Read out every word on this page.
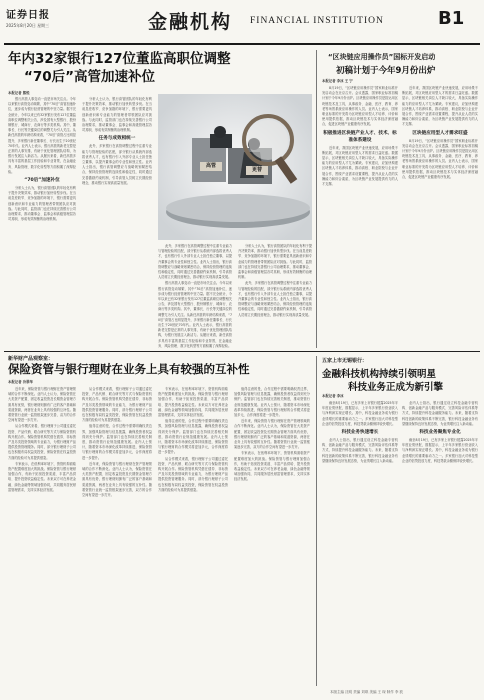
证券日报
2025年8月20日 星期三	金融机构 FINANCIAL INSTITUTION	B1
年内32家银行127位董监高职位调整
“70后”高管加速补位
本报记者 熊悦

银行高管人事变动一直是市场关注点。今年以来银行高管变动频繁，其中“70后”高管加速补位，逐步成为银行经营管理的中坚力量。据不完全统计，今年以来已有32家银行发布127位董监高职位调整相关公告，涉及国有大型银行、股份制银行、城商行、农商行等多类机构。其中，董事长、行长等关键岗位的调整尤为引人关注。从新任高管的年龄结构来看，“70后”高管占比明显提升，多家银行新任董事长、行长出生于20世纪70年代。业内人士表示，银行高管的新老交替是正常的人事安排，有助于优化管理团队结构，为银行发展注入新活力。从履历来看，新任高管多具有丰富的基层工作经验和专业背景，在金融业务、风险管理、数字化转型等方面积累了深厚经验。

“70后”加速补位

分析人士认为，银行高管团队的年轻化有利于提升决策效率，推动银行加快转型步伐。在当前息差收窄、竞争加剧的环境下，银行需要更具创新意识和专业能力的管理者带领团队应对挑战。与此同时，监管部门也在持续完善银行公司治理要求，推动董事会、监事会和高级管理层各司其职，形成有效制衡的治理机制。

分析人士认为，银行高管团队的年轻化有利于提升决策效率，推动银行加快转型步伐。在当前息差收窄、竞争加剧的环境下，银行需要更具创新意识和专业能力的管理者带领团队应对挑战。与此同时，监管部门也在持续完善银行公司治理要求，推动董事会、监事会和高级管理层各司其职，形成有效制衡的治理机制。

任务与成效相统一

此外，多家银行在高管调整过程中注重专业能力与管理经验的匹配，部分银行从系统内部选拔优秀人才，也有银行引入外部专业人士担任独立董事，以提升董事会的专业性和独立性。业内人士指出，银行高管调整应与战略规划紧密结合，保持经营管理的连续性和稳定性，同时通过完善激励约束机制，引导高管人员树立长期经营理念，推动银行实现高质量发展。

高管
更替

此外，多家银行在高管调整过程中注重专业能力与管理经验的匹配，部分银行从系统内部选拔优秀人才，也有银行引入外部专业人士担任独立董事，以提升董事会的专业性和独立性。业内人士指出，银行高管调整应与战略规划紧密结合，保持经营管理的连续性和稳定性，同时通过完善激励约束机制，引导高管人员树立长期经营理念，推动银行实现高质量发展。

银行高管人事变动一直是市场关注点。今年以来银行高管变动频繁，其中“70后”高管加速补位，逐步成为银行经营管理的中坚力量。据不完全统计，今年以来已有32家银行发布127位董监高职位调整相关公告，涉及国有大型银行、股份制银行、城商行、农商行等多类机构。其中，董事长、行长等关键岗位的调整尤为引人关注。从新任高管的年龄结构来看，“70后”高管占比明显提升，多家银行新任董事长、行长出生于20世纪70年代。业内人士表示，银行高管的新老交替是正常的人事安排，有助于优化管理团队结构，为银行发展注入新活力。从履历来看，新任高管多具有丰富的基层工作经验和专业背景，在金融业务、风险管理、数字化转型等方面积累了深厚经验。

分析人士认为，银行高管团队的年轻化有利于提升决策效率，推动银行加快转型步伐。在当前息差收窄、竞争加剧的环境下，银行需要更具创新意识和专业能力的管理者带领团队应对挑战。与此同时，监管部门也在持续完善银行公司治理要求，推动董事会、监事会和高级管理层各司其职，形成有效制衡的治理机制。

此外，多家银行在高管调整过程中注重专业能力与管理经验的匹配，部分银行从系统内部选拔优秀人才，也有银行引入外部专业人士担任独立董事，以提升董事会的专业性和独立性。业内人士指出，银行高管调整应与战略规划紧密结合，保持经营管理的连续性和稳定性，同时通过完善激励约束机制，引导高管人员树立长期经营理念，推动银行实现高质量发展。

“区块链应用操作员”国标开发启动
初稿计划于今年9月份出炉
本报记者 李冰 王 宁

8月19日，“区块链应用操作员”国家职业标准开发启动会在北京召开。会议透露，国家职业标准初稿计划于今年9月份出炉。区块链应用操作员是指运用区块链技术及工具，从事政务、金融、医疗、教育、养老等场景系统应用操作的人员。业内人士表示，国家职业标准的开发将为区块链应用型人才培养、评价和使用提供依据，推动区块链技术与实体经济深度融合，促进区块链产业健康有序发展。

积极推进区块链产业人才、技术、标准体系建设

近年来，我国区块链产业快速发展，应用场景不断拓展，对区块链应用型人才的需求日益旺盛。数据显示，区块链相关岗位人才缺口较大，具备实际操作能力的应用型人才尤为紧缺。专家建议，应加快构建区块链人才培养体系，推动高校、职业院校与企业开展合作，围绕产业需求设置课程，提升从业人员的实操能力和综合素质，为区块链产业发展提供有力的人才支撑。

近年来，我国区块链产业快速发展，应用场景不断拓展，对区块链应用型人才的需求日益旺盛。数据显示，区块链相关岗位人才缺口较大，具备实际操作能力的应用型人才尤为紧缺。专家建议，应加快构建区块链人才培养体系，推动高校、职业院校与企业开展合作，围绕产业需求设置课程，提升从业人员的实操能力和综合素质，为区块链产业发展提供有力的人才支撑。

区块链应用型人才需求旺盛

8月19日，“区块链应用操作员”国家职业标准开发启动会在北京召开。会议透露，国家职业标准初稿计划于今年9月份出炉。区块链应用操作员是指运用区块链技术及工具，从事政务、金融、医疗、教育、养老等场景系统应用操作的人员。业内人士表示，国家职业标准的开发将为区块链应用型人才培养、评价和使用提供依据，推动区块链技术与实体经济深度融合，促进区块链产业健康有序发展。

新华财产品观察室：
保险资管与银行理财在业务上具有较强的互补性
本报记者 冷翠华

近年来，保险资管与银行理财在资产管理领域的合作不断深化。业内人士认为，保险资管在大类资产配置、固定收益投资及长期资金管理方面具有优势，银行理财则拥有广泛的客户基础和渠道资源，两者在业务上具有较强的互补性。随着资管行业统一监管框架逐步完善，双方的合作空间有望进一步打开。

从合作模式来看，银行理财子公司通过委托投资、产品代销、联合研究等方式与保险资管机构开展合作。保险资管机构凭借在债券、非标资产及另类投资领域的专业能力，为银行理财产品提供投资管理服务。同时，部分银行理财子公司也在积极布局权益类投资，保险资管在权益投资方面的经验可为其提供借鉴。

专家表示，在低利率环境下，资管机构面临资产配置难度加大的挑战。保险资管与银行理财加强合作，有助于拓宽投资渠道、丰富产品供给、提升投资收益稳定性。未来双方可在养老金融、绿色金融等领域加强协同，共同服务居民财富管理需求，支持实体经济发展。

从合作模式来看，银行理财子公司通过委托投资、产品代销、联合研究等方式与保险资管机构开展合作。保险资管机构凭借在债券、非标资产及另类投资领域的专业能力，为银行理财产品提供投资管理服务。同时，部分银行理财子公司也在积极布局权益类投资，保险资管在权益投资方面的经验可为其提供借鉴。

值得注意的是，合作过程中需要明确权责边界，加强风险管理与信息披露，确保投资者权益得到充分保护。监管部门也在持续完善相关制度，推动资管行业规范健康发展。业内人士预计，随着资本市场深化改革持续推进，保险资管与银行理财的合作模式将更加多元，合作深度将进一步提升。

近年来，保险资管与银行理财在资产管理领域的合作不断深化。业内人士认为，保险资管在大类资产配置、固定收益投资及长期资金管理方面具有优势，银行理财则拥有广泛的客户基础和渠道资源，两者在业务上具有较强的互补性。随着资管行业统一监管框架逐步完善，双方的合作空间有望进一步打开。

专家表示，在低利率环境下，资管机构面临资产配置难度加大的挑战。保险资管与银行理财加强合作，有助于拓宽投资渠道、丰富产品供给、提升投资收益稳定性。未来双方可在养老金融、绿色金融等领域加强协同，共同服务居民财富管理需求，支持实体经济发展。

值得注意的是，合作过程中需要明确权责边界，加强风险管理与信息披露，确保投资者权益得到充分保护。监管部门也在持续完善相关制度，推动资管行业规范健康发展。业内人士预计，随着资本市场深化改革持续推进，保险资管与银行理财的合作模式将更加多元，合作深度将进一步提升。

从合作模式来看，银行理财子公司通过委托投资、产品代销、联合研究等方式与保险资管机构开展合作。保险资管机构凭借在债券、非标资产及另类投资领域的专业能力，为银行理财产品提供投资管理服务。同时，部分银行理财子公司也在积极布局权益类投资，保险资管在权益投资方面的经验可为其提供借鉴。

值得注意的是，合作过程中需要明确权责边界，加强风险管理与信息披露，确保投资者权益得到充分保护。监管部门也在持续完善相关制度，推动资管行业规范健康发展。业内人士预计，随着资本市场深化改革持续推进，保险资管与银行理财的合作模式将更加多元，合作深度将进一步提升。

近年来，保险资管与银行理财在资产管理领域的合作不断深化。业内人士认为，保险资管在大类资产配置、固定收益投资及长期资金管理方面具有优势，银行理财则拥有广泛的客户基础和渠道资源，两者在业务上具有较强的互补性。随着资管行业统一监管框架逐步完善，双方的合作空间有望进一步打开。

专家表示，在低利率环境下，资管机构面临资产配置难度加大的挑战。保险资管与银行理财加强合作，有助于拓宽投资渠道、丰富产品供给、提升投资收益稳定性。未来双方可在养老金融、绿色金融等领域加强协同，共同服务居民财富管理需求，支持实体经济发展。

五家上市无锡银行：
金融科技机构持续引领明星
科技业务正成为新引擎
本报记者 李冰

截至8月19日，已有多家上市银行披露2025年半年度业绩快报，数据显示，上半年多家银行营业收入与净利润实现正增长。其中，科技金融业务成为银行业绩增长的重要驱动力之一。多家银行加大对科技型企业的信贷投放力度，科技贷款余额保持较快增长。

科技业务快速增长

业内人士指出，银行通过设立科技金融专营机构、创新金融产品与服务模式、完善风险评估体系等方式，持续提升科技金融服务能力。未来，随着支持科技创新的政策体系不断完善，银行科技金融业务有望继续保持良好发展态势，为业绩增长注入新动能。

业内人士指出，银行通过设立科技金融专营机构、创新金融产品与服务模式、完善风险评估体系等方式，持续提升科技金融服务能力。未来，随着支持科技创新的政策体系不断完善，银行科技金融业务有望继续保持良好发展态势，为业绩增长注入新动能。

科技业务聚焦专业化

截至8月19日，已有多家上市银行披露2025年半年度业绩快报，数据显示，上半年多家银行营业收入与净利润实现正增长。其中，科技金融业务成为银行业绩增长的重要驱动力之一。多家银行加大对科技型企业的信贷投放力度，科技贷款余额保持较快增长。

本版主编 沈明 责编 刘琪 美编 王 琛 制作 李 波
